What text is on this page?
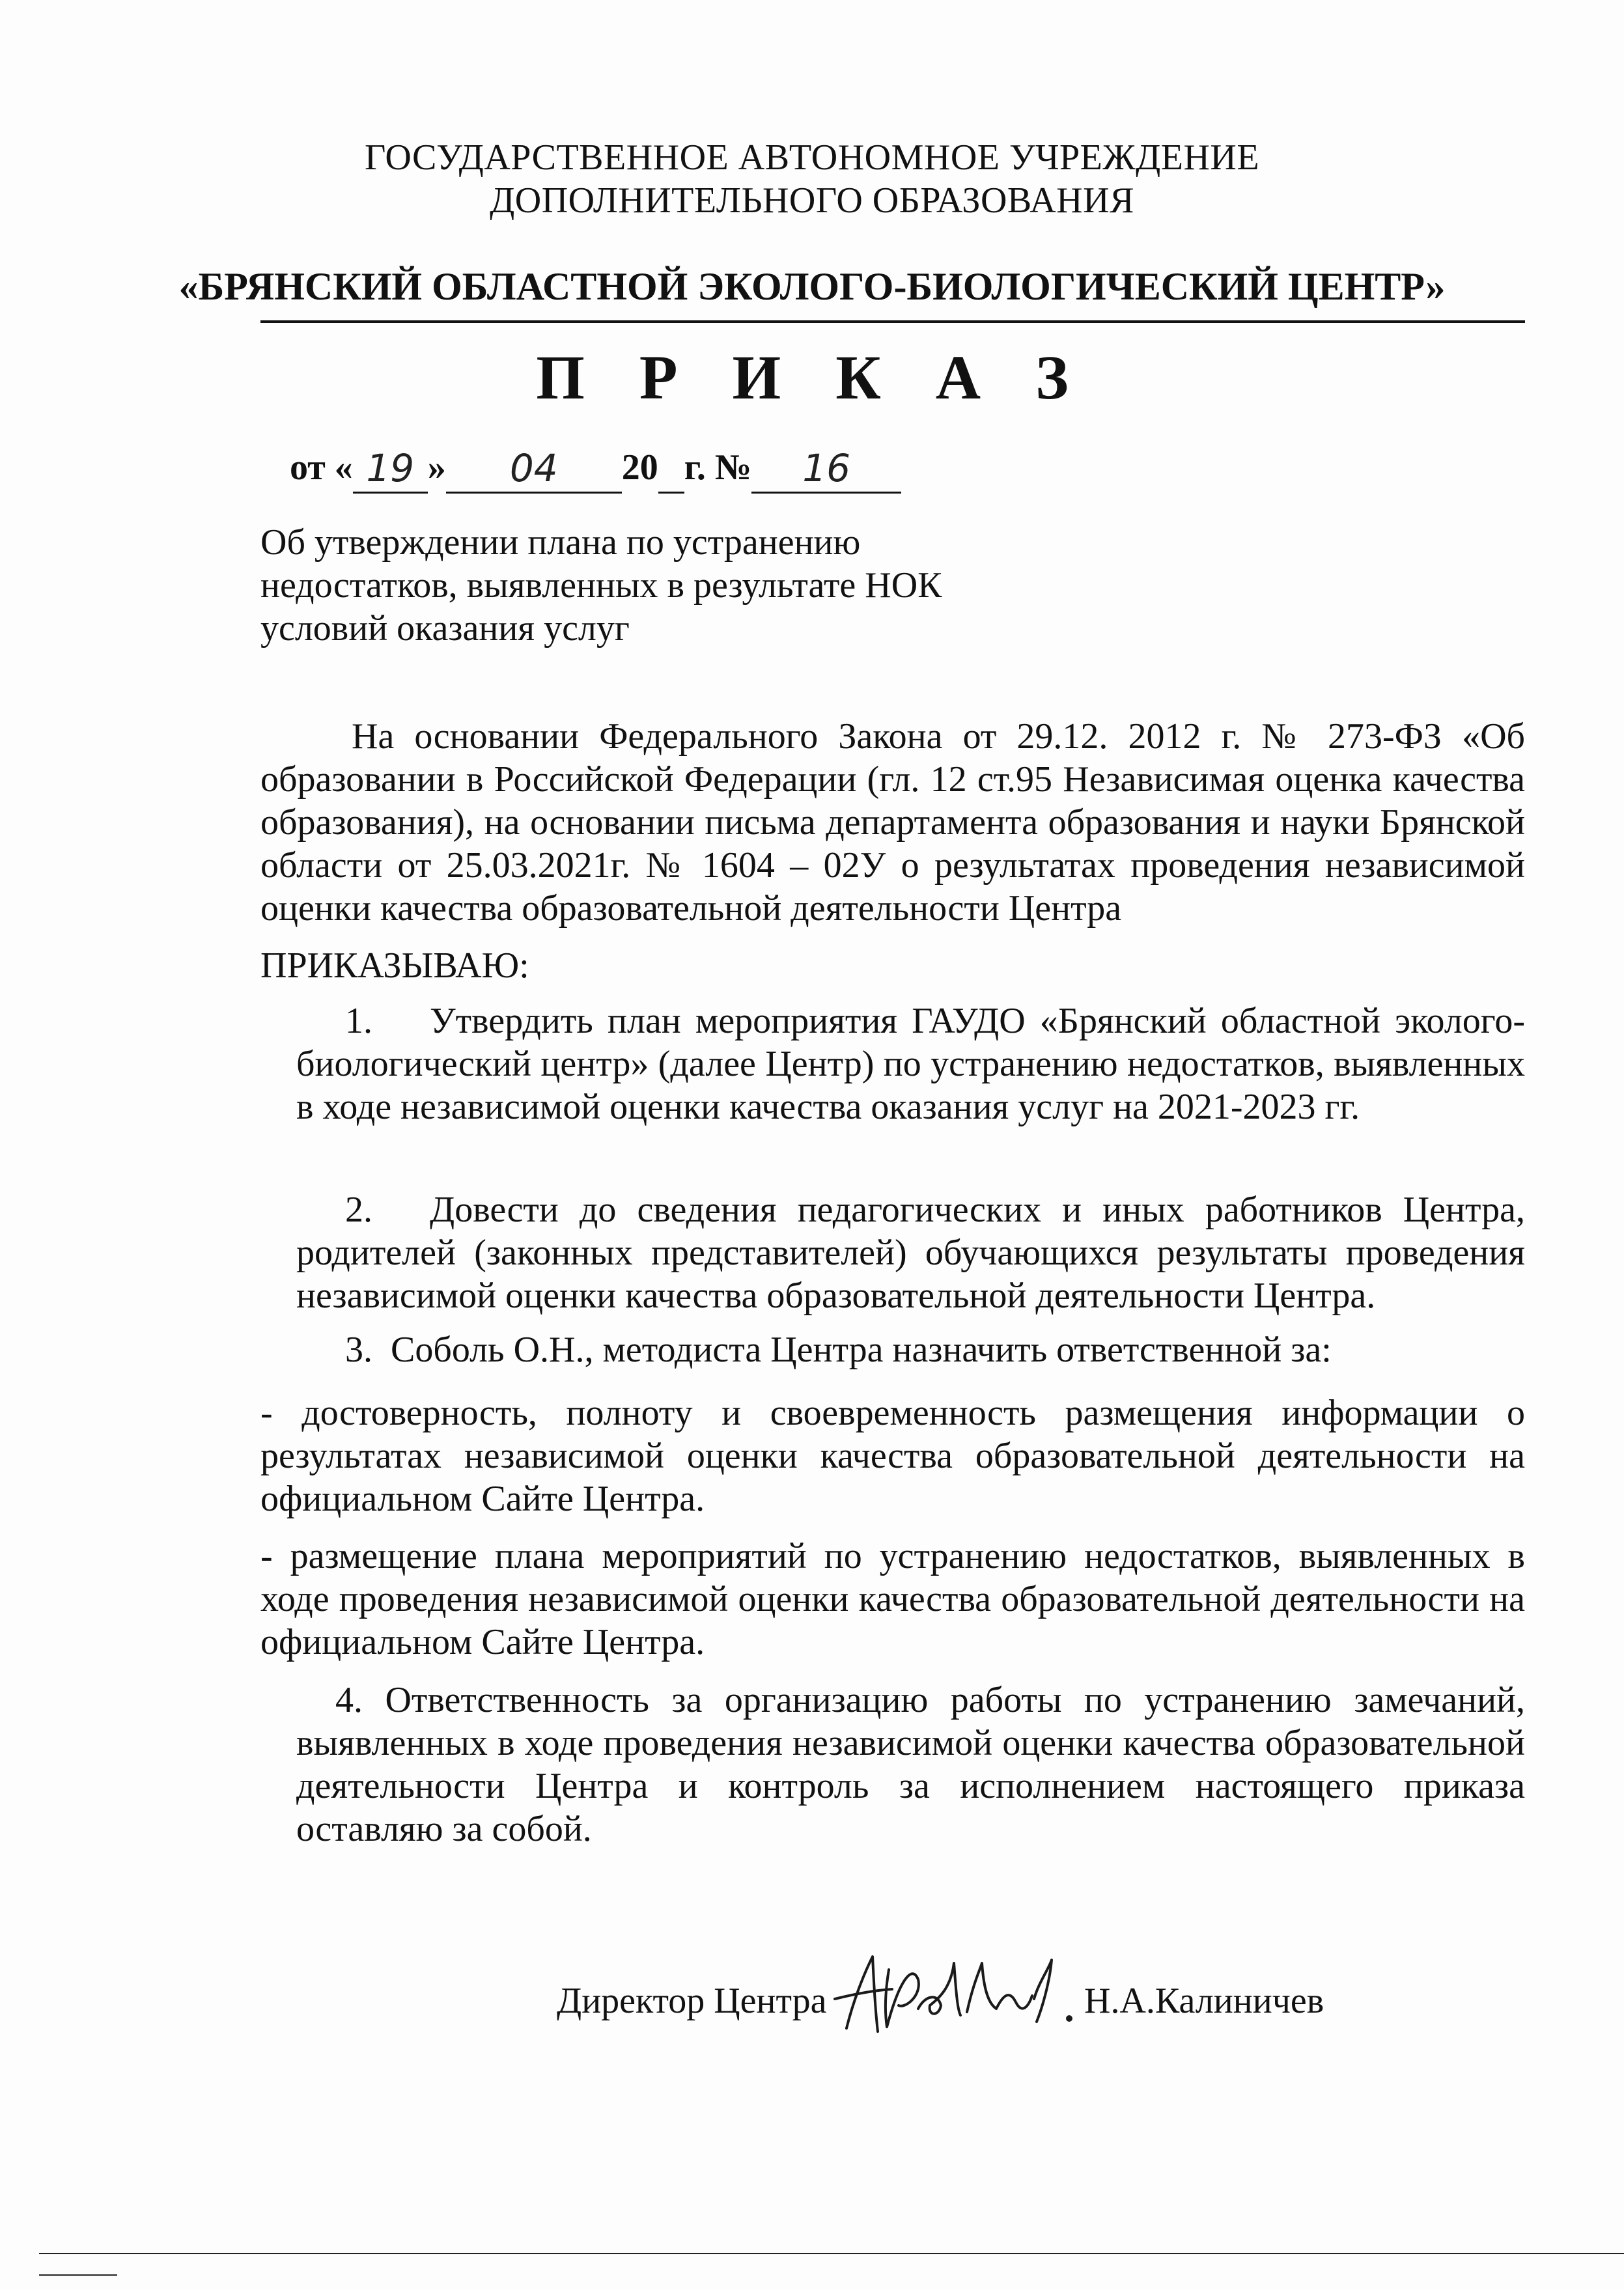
ГОСУДАРСТВЕННОЕ АВТОНОМНОЕ УЧРЕЖДЕНИЕ
ДОПОЛНИТЕЛЬНОГО ОБРАЗОВАНИЯ
«БРЯНСКИЙ ОБЛАСТНОЙ ЭКОЛОГО-БИОЛОГИЧЕСКИЙ ЦЕНТР»
П Р И К А З
от « 19 » 04 20 г. № 16
Об утверждении плана по устранению
недостатков, выявленных в результате НОК
условий оказания услуг
На основании Федерального Закона от 29.12. 2012 г. № 273-ФЗ «Об образовании в Российской Федерации (гл. 12 ст.95 Независимая оценка качества образования), на основании письма департамента образования и науки Брянской области от 25.03.2021г. № 1604 – 02У о результатах проведения независимой оценки качества образовательной деятельности Центра
ПРИКАЗЫВАЮ:
1. Утвердить план мероприятия ГАУДО «Брянский областной эколого-биологический центр» (далее Центр) по устранению недостатков, выявленных в ходе независимой оценки качества оказания услуг на 2021-2023 гг.
2. Довести до сведения педагогических и иных работников Центра, родителей (законных представителей) обучающихся результаты проведения независимой оценки качества образовательной деятельности Центра.
3. Соболь О.Н., методиста Центра назначить ответственной за:
- достоверность, полноту и своевременность размещения информации о результатах независимой оценки качества образовательной деятельности на официальном Сайте Центра.
- размещение плана мероприятий по устранению недостатков, выявленных в ходе проведения независимой оценки качества образовательной деятельности на официальном Сайте Центра.
4. Ответственность за организацию работы по устранению замечаний, выявленных в ходе проведения независимой оценки качества образовательной деятельности Центра и контроль за исполнением настоящего приказа оставляю за собой.
Директор Центра	Н.А.Калиничев
